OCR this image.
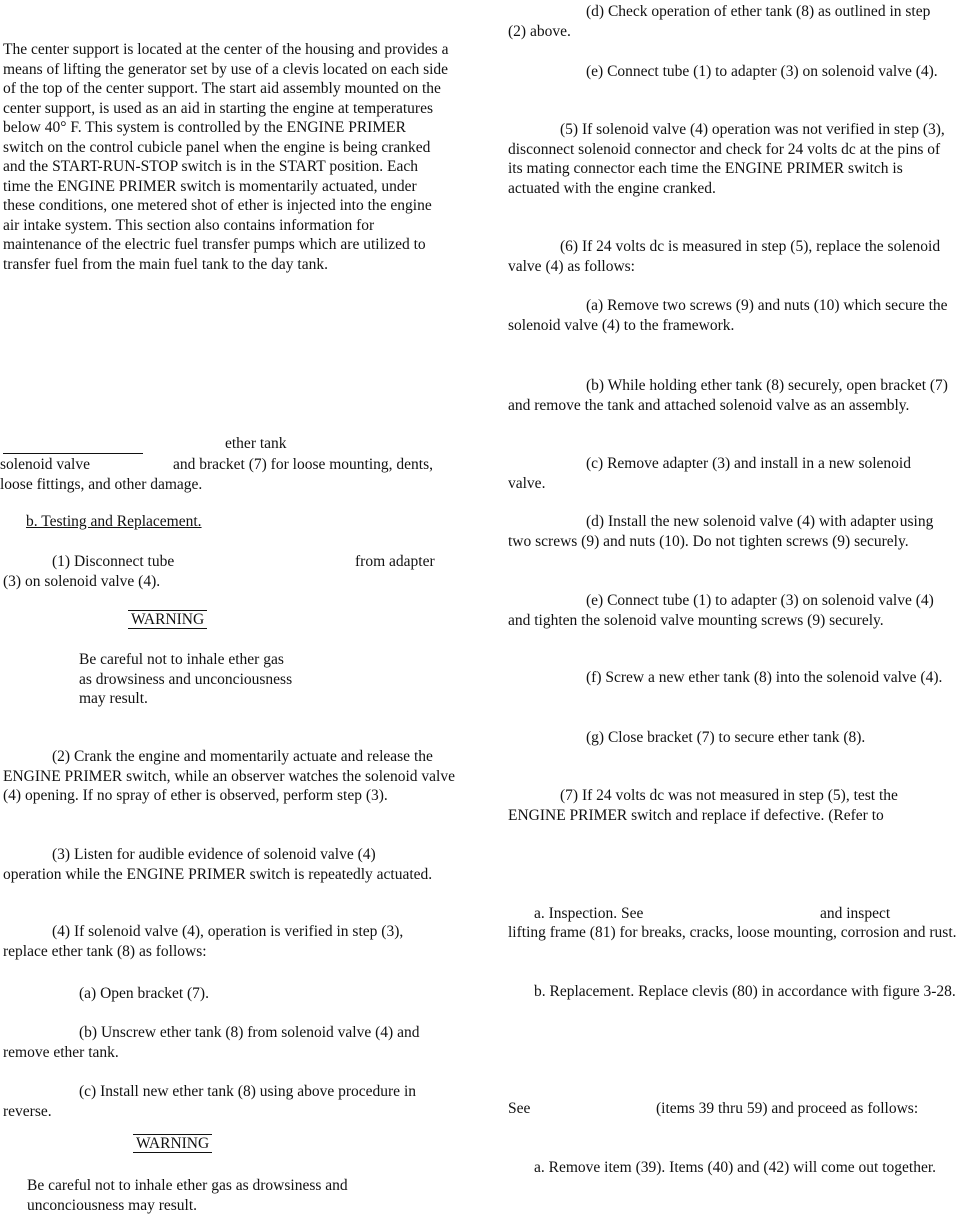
The center support is located at the center of the housing and provides a means of lifting the generator set by use of a clevis located on each side of the top of the center support. The start aid assembly mounted on the center support, is used as an aid in starting the engine at temperatures below 40° F. This system is controlled by the ENGINE PRIMER switch on the control cubicle panel when the engine is being cranked and the START-RUN-STOP switch is in the START position. Each time the ENGINE PRIMER switch is momentarily actuated, under these conditions, one metered shot of ether is injected into the engine air intake system. This section also contains information for maintenance of the electric fuel transfer pumps which are utilized to transfer fuel from the main fuel tank to the day tank.

ether tank
solenoid valve	and bracket (7) for loose mounting, dents, loose fittings, and other damage.

b. Testing and Replacement.
(1) Disconnect tube	from adapter (3) on solenoid valve (4).

WARNING

Be careful not to inhale ether gas as drowsiness and unconciousness may result.

(2) Crank the engine and momentarily actuate and release the ENGINE PRIMER switch, while an observer watches the solenoid valve (4) opening. If no spray of ether is observed, perform step (3).

(3) Listen for audible evidence of solenoid valve (4) operation while the ENGINE PRIMER switch is repeatedly actuated.

(4) If solenoid valve (4), operation is verified in step (3), replace ether tank (8) as follows:

(a) Open bracket (7).

(b) Unscrew ether tank (8) from solenoid valve (4) and remove ether tank.

(c) Install new ether tank (8) using above procedure in reverse.

WARNING

Be careful not to inhale ether gas as drowsiness and unconciousness may result.

(d) Check operation of ether tank (8) as outlined in step (2) above.

(e) Connect tube (1) to adapter (3) on solenoid valve (4).

(5) If solenoid valve (4) operation was not verified in step (3), disconnect solenoid connector and check for 24 volts dc at the pins of its mating connector each time the ENGINE PRIMER switch is actuated with the engine cranked.

(6) If 24 volts dc is measured in step (5), replace the solenoid valve (4) as follows:

(a) Remove two screws (9) and nuts (10) which secure the solenoid valve (4) to the framework.

(b) While holding ether tank (8) securely, open bracket (7) and remove the tank and attached solenoid valve as an assembly.

(c) Remove adapter (3) and install in a new solenoid valve.

(d) Install the new solenoid valve (4) with adapter using two screws (9) and nuts (10). Do not tighten screws (9) securely.

(e) Connect tube (1) to adapter (3) on solenoid valve (4) and tighten the solenoid valve mounting screws (9) securely.

(f) Screw a new ether tank (8) into the solenoid valve (4).

(g) Close bracket (7) to secure ether tank (8).

(7) If 24 volts dc was not measured in step (5), test the ENGINE PRIMER switch and replace if defective. (Refer to

a. Inspection. See	and inspect

lifting frame (81) for breaks, cracks, loose mounting, corrosion and rust.

b. Replacement. Replace clevis (80) in accordance with figure 3-28.

See	(items 39 thru 59) and proceed as follows:

a. Remove item (39). Items (40) and (42) will come out together.
